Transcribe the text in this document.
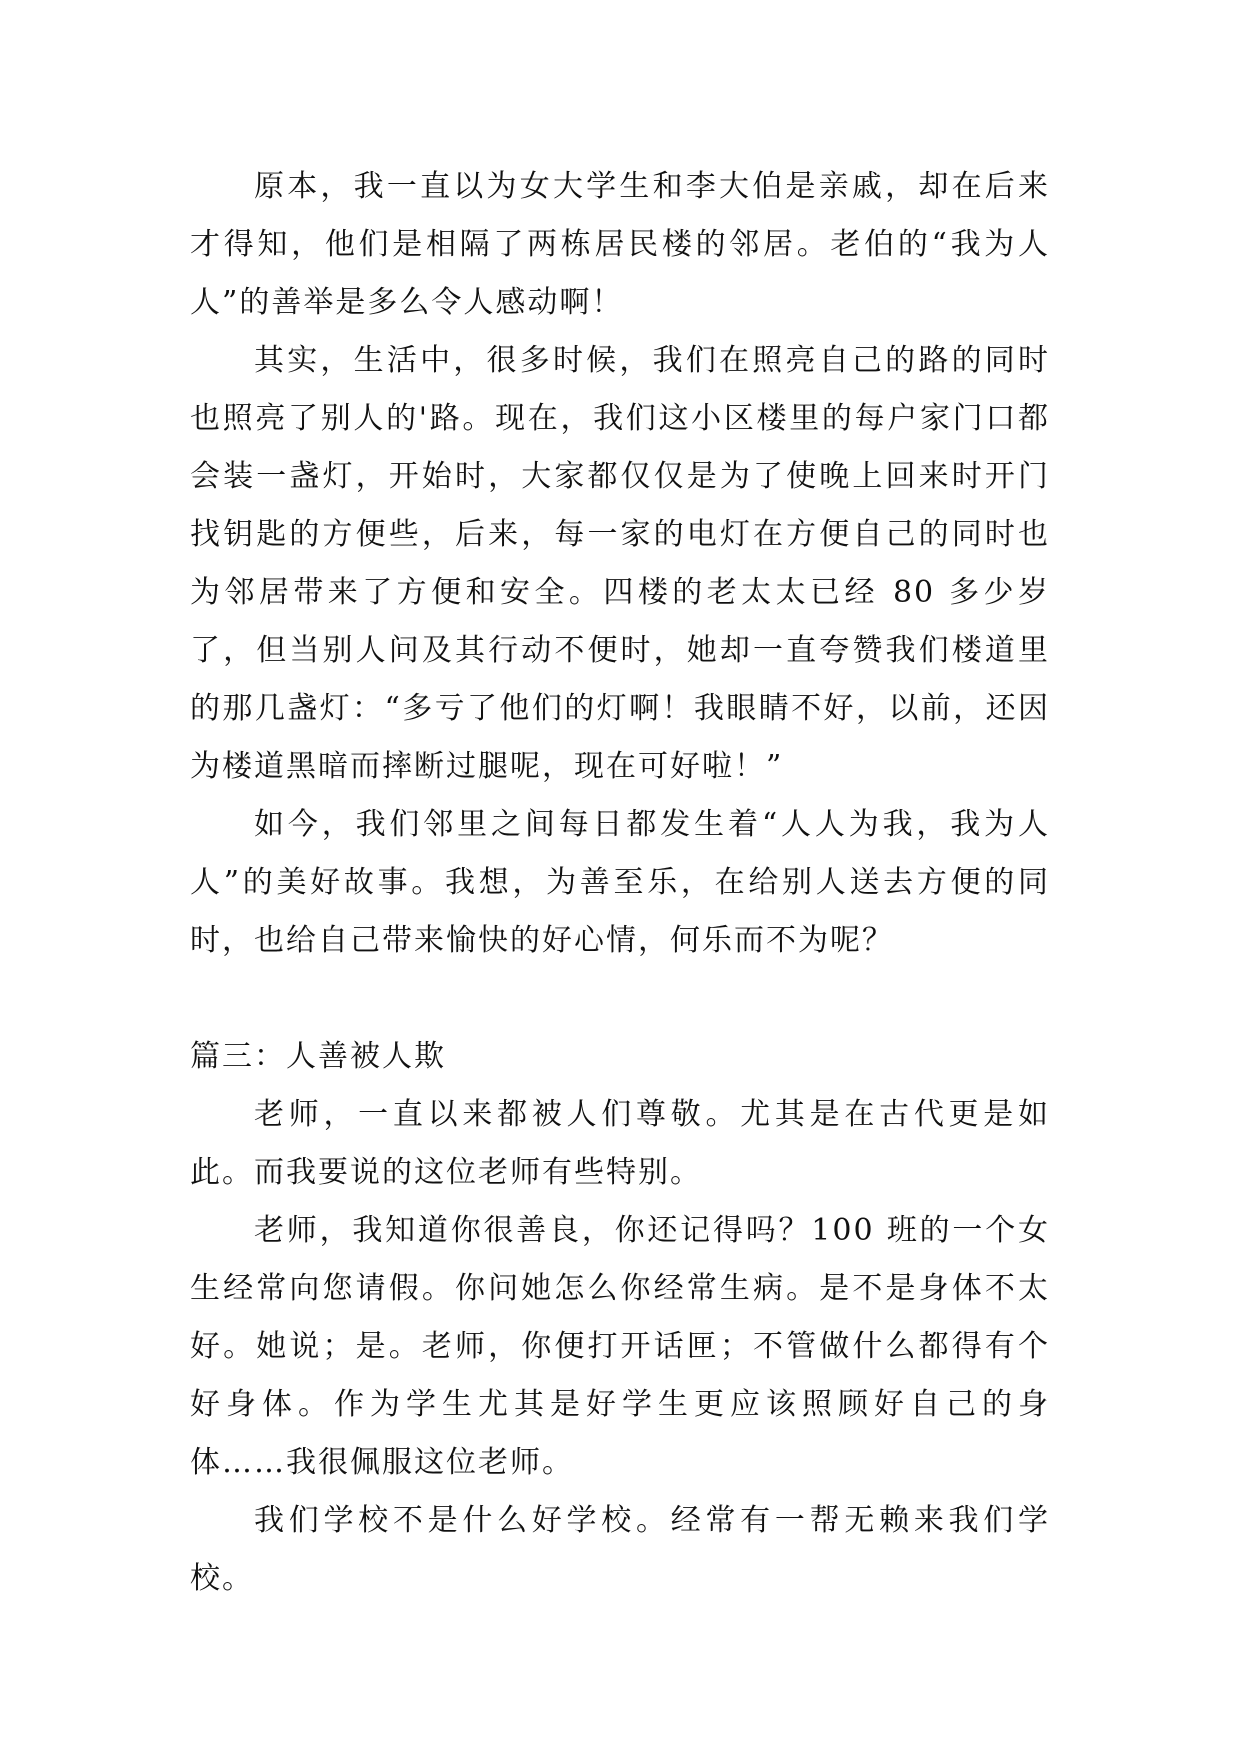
原本，我一直以为女大学生和李大伯是亲戚，却在后来才得知，他们是相隔了两栋居民楼的邻居。老伯的“我为人人”的善举是多么令人感动啊！

其实，生活中，很多时候，我们在照亮自己的路的同时也照亮了别人的'路。现在，我们这小区楼里的每户家门口都会装一盏灯，开始时，大家都仅仅是为了使晚上回来时开门找钥匙的方便些，后来，每一家的电灯在方便自己的同时也为邻居带来了方便和安全。四楼的老太太已经 80 多少岁了，但当别人问及其行动不便时，她却一直夸赞我们楼道里的那几盏灯：“多亏了他们的灯啊！我眼睛不好，以前，还因为楼道黑暗而摔断过腿呢，现在可好啦！”

如今，我们邻里之间每日都发生着“人人为我，我为人人”的美好故事。我想，为善至乐，在给别人送去方便的同时，也给自己带来愉快的好心情，何乐而不为呢？

篇三：人善被人欺

老师，一直以来都被人们尊敬。尤其是在古代更是如此。而我要说的这位老师有些特别。

老师，我知道你很善良，你还记得吗？100 班的一个女生经常向您请假。你问她怎么你经常生病。是不是身体不太好。她说；是。老师，你便打开话匣；不管做什么都得有个好身体。作为学生尤其是好学生更应该照顾好自己的身体……我很佩服这位老师。

我们学校不是什么好学校。经常有一帮无赖来我们学校。
